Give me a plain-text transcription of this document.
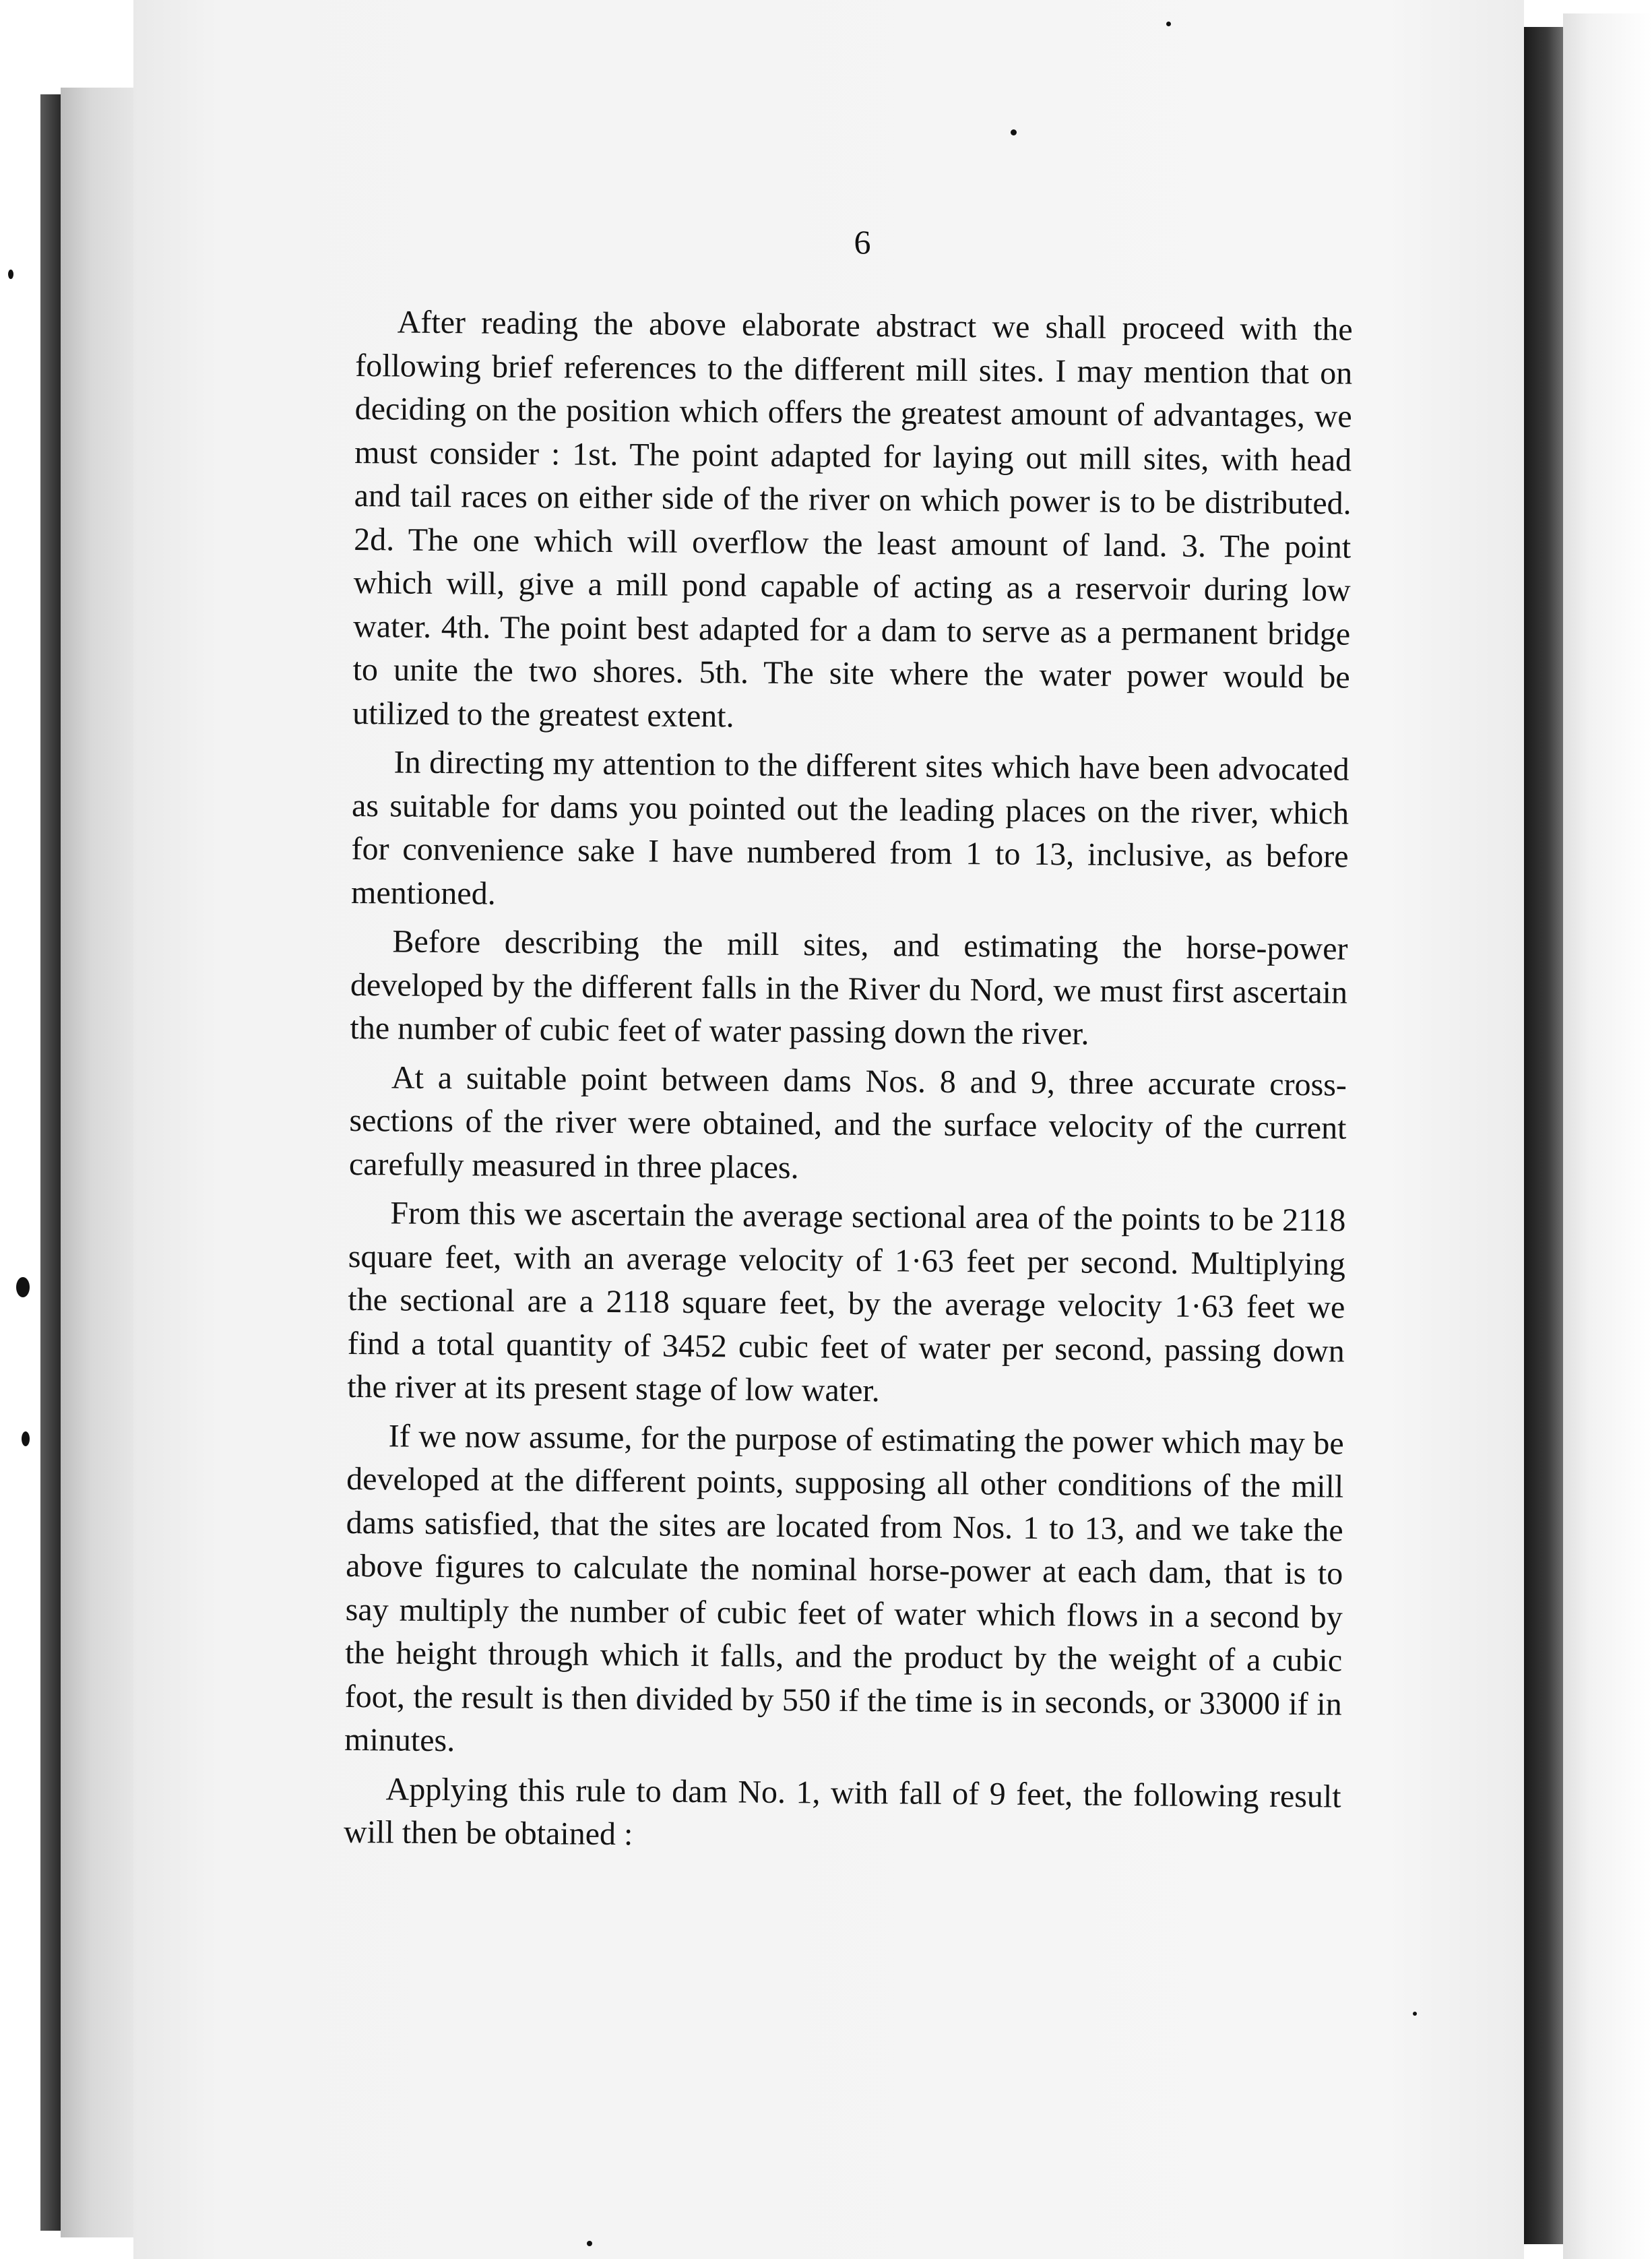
6

After reading the above elaborate abstract we shall proceed with the following brief references to the different mill sites. I may mention that on deciding on the position which offers the greatest amount of advantages, we must consider : 1st. The point adapted for laying out mill sites, with head and tail races on either side of the river on which power is to be distributed. 2d. The one which will overflow the least amount of land. 3. The point which will, give a mill pond capable of acting as a reservoir during low water. 4th. The point best adapted for a dam to serve as a permanent bridge to unite the two shores. 5th. The site where the water power would be utilized to the greatest extent.

In directing my attention to the different sites which have been advocated as suitable for dams you pointed out the leading places on the river, which for convenience sake I have numbered from 1 to 13, inclusive, as before mentioned.

Before describing the mill sites, and estimating the horse-power developed by the different falls in the River du Nord, we must first ascertain the number of cubic feet of water passing down the river.

At a suitable point between dams Nos. 8 and 9, three accurate cross-sections of the river were obtained, and the surface velocity of the current carefully measured in three places.

From this we ascertain the average sectional area of the points to be 2118 square feet, with an average velocity of 1·63 feet per second. Multiplying the sectional are a 2118 square feet, by the average velocity 1·63 feet we find a total quantity of 3452 cubic feet of water per second, passing down the river at its present stage of low water.

If we now assume, for the purpose of estimating the power which may be developed at the different points, supposing all other conditions of the mill dams satisfied, that the sites are located from Nos. 1 to 13, and we take the above figures to calculate the nominal horse-power at each dam, that is to say multiply the number of cubic feet of water which flows in a second by the height through which it falls, and the product by the weight of a cubic foot, the result is then divided by 550 if the time is in seconds, or 33000 if in minutes.

Applying this rule to dam No. 1, with fall of 9 feet, the following result will then be obtained :
